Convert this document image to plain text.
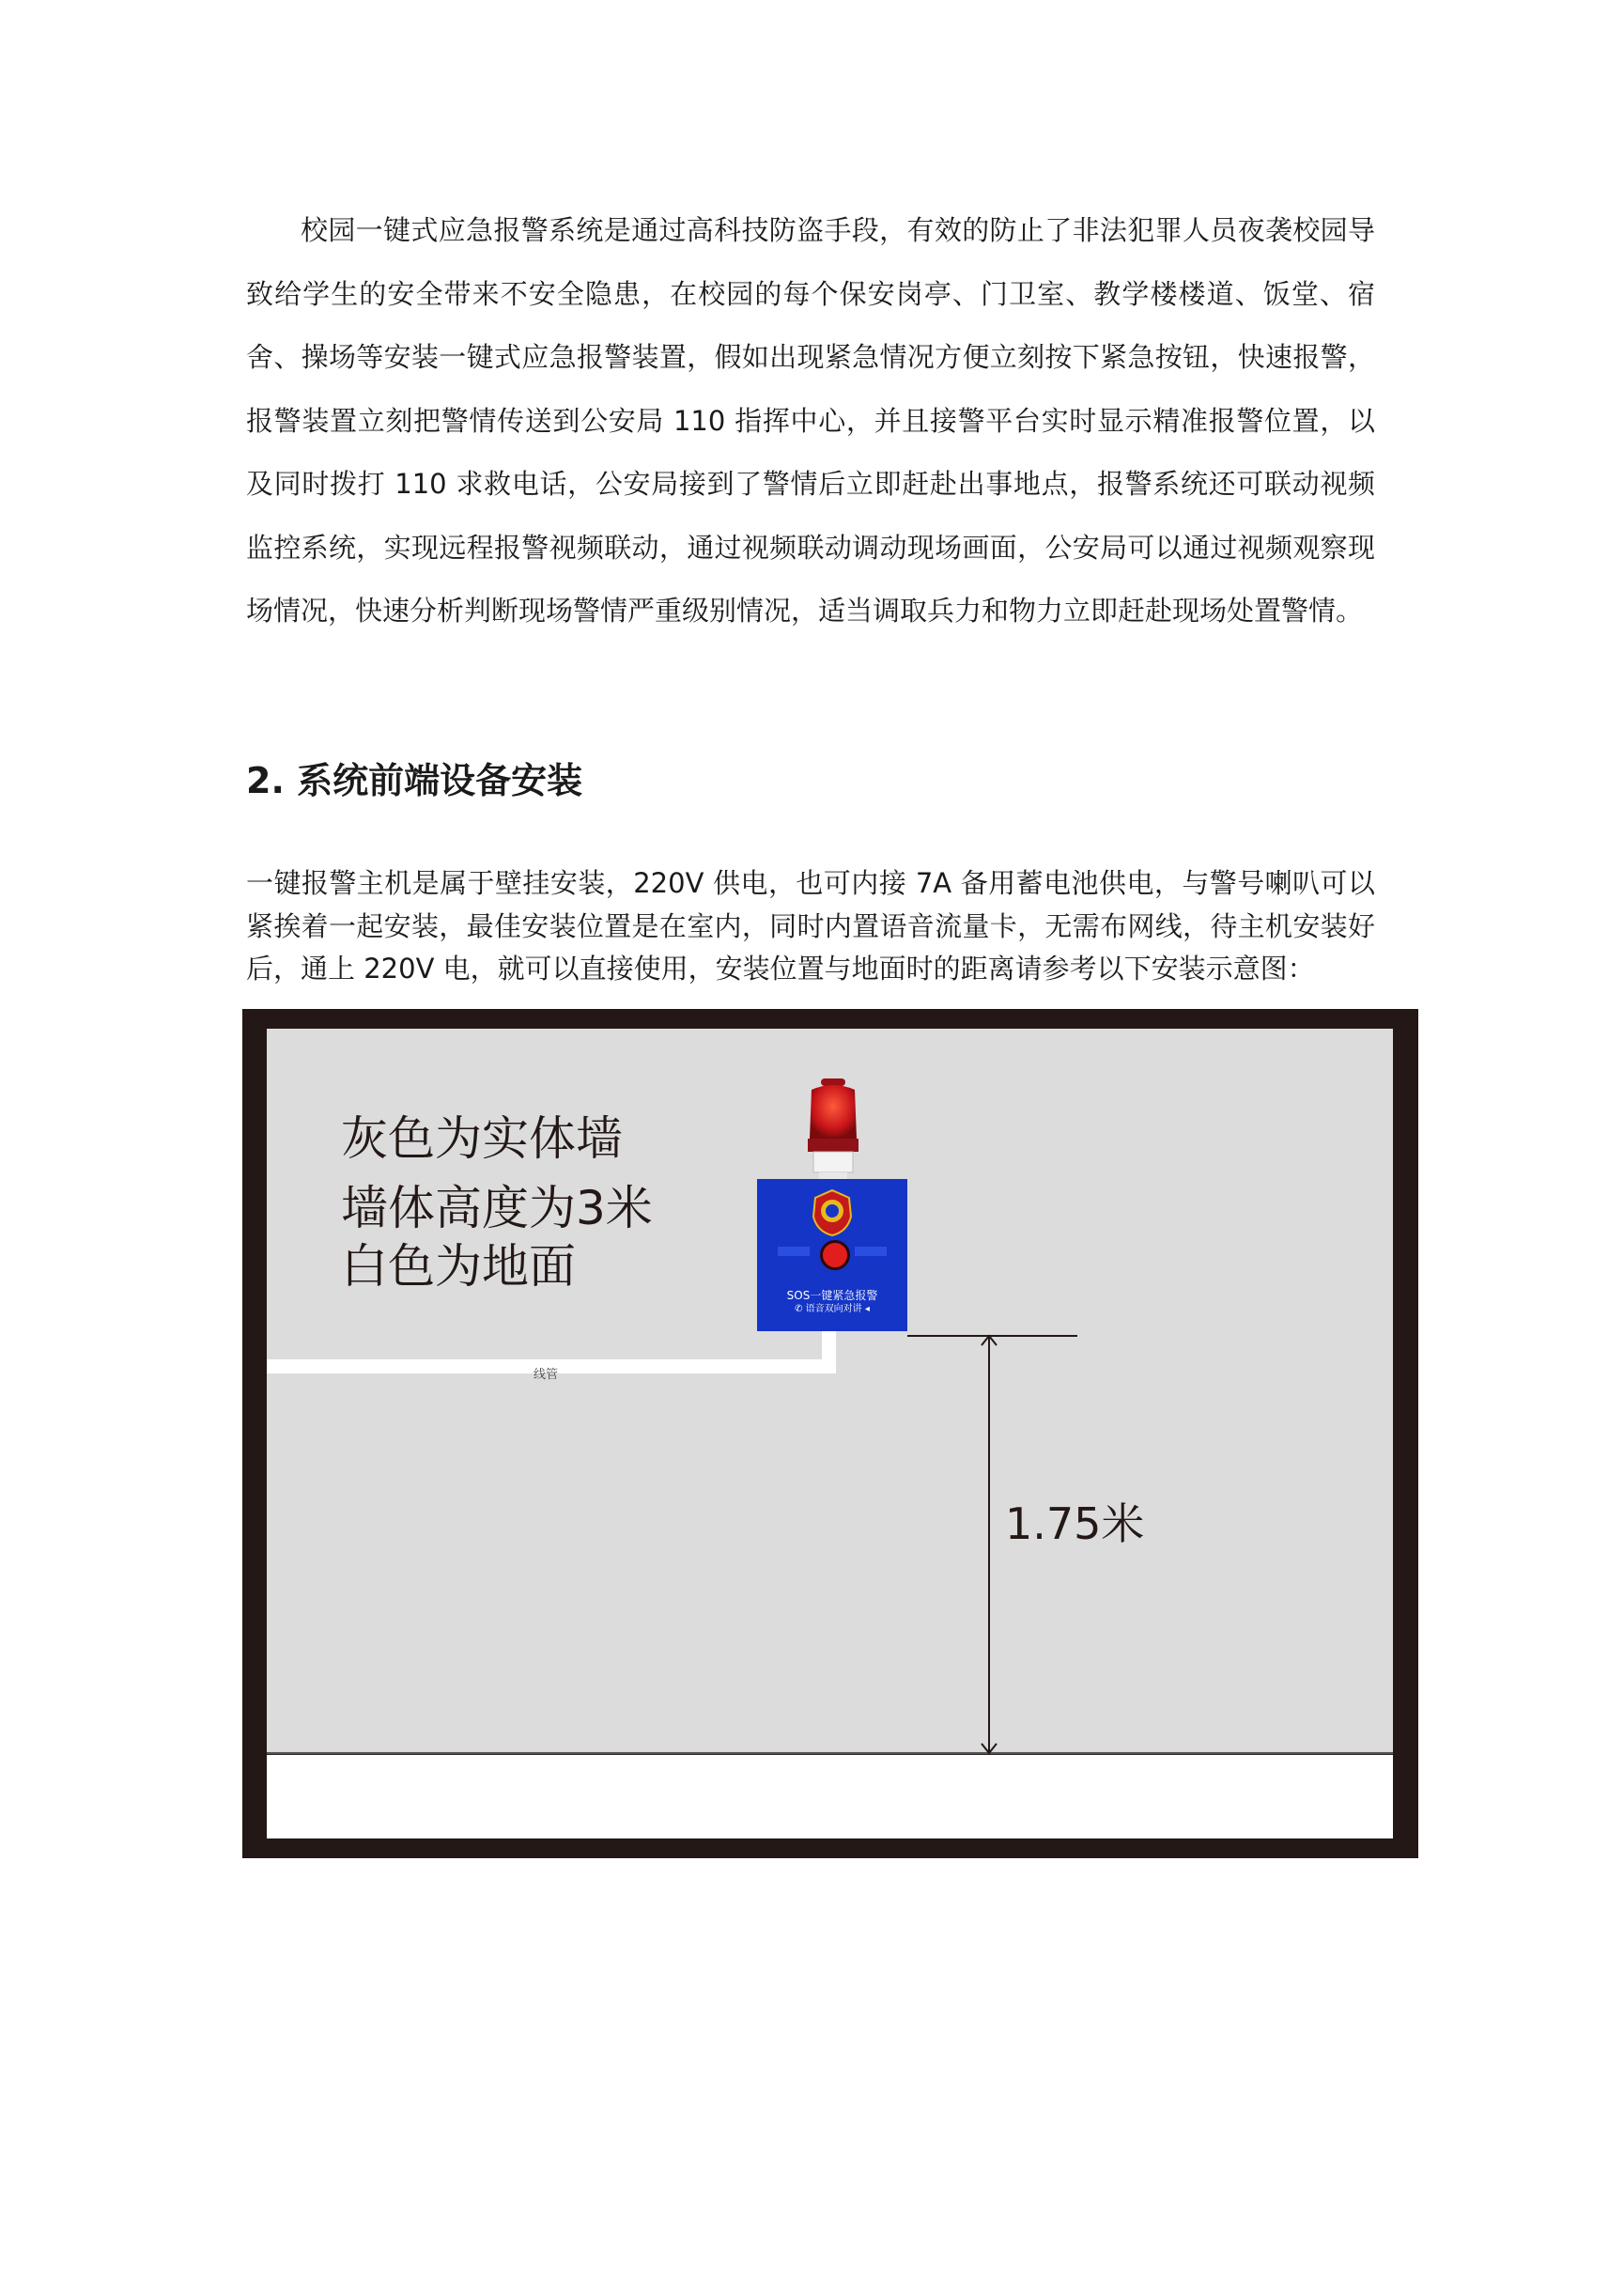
校园一键式应急报警系统是通过高科技防盗手段，有效的防止了非法犯罪人员夜袭校园导致给学生的安全带来不安全隐患，在校园的每个保安岗亭、门卫室、教学楼楼道、饭堂、宿舍、操场等安装一键式应急报警装置，假如出现紧急情况方便立刻按下紧急按钮，快速报警，报警装置立刻把警情传送到公安局 110 指挥中心，并且接警平台实时显示精准报警位置，以及同时拨打 110 求救电话，公安局接到了警情后立即赶赴出事地点，报警系统还可联动视频监控系统，实现远程报警视频联动，通过视频联动调动现场画面，公安局可以通过视频观察现场情况，快速分析判断现场警情严重级别情况，适当调取兵力和物力立即赶赴现场处置警情。

2. 系统前端设备安装

一键报警主机是属于壁挂安装，220V 供电，也可内接 7A 备用蓄电池供电，与警号喇叭可以紧挨着一起安装，最佳安装位置是在室内，同时内置语音流量卡，无需布网线，待主机安装好后，通上 220V 电，就可以直接使用，安装位置与地面时的距离请参考以下安装示意图：

灰色为实体墙
墙体高度为3米
白色为地面
线管
SOS一键紧急报警
✆ 语音双向对讲 ◂
1.75米
